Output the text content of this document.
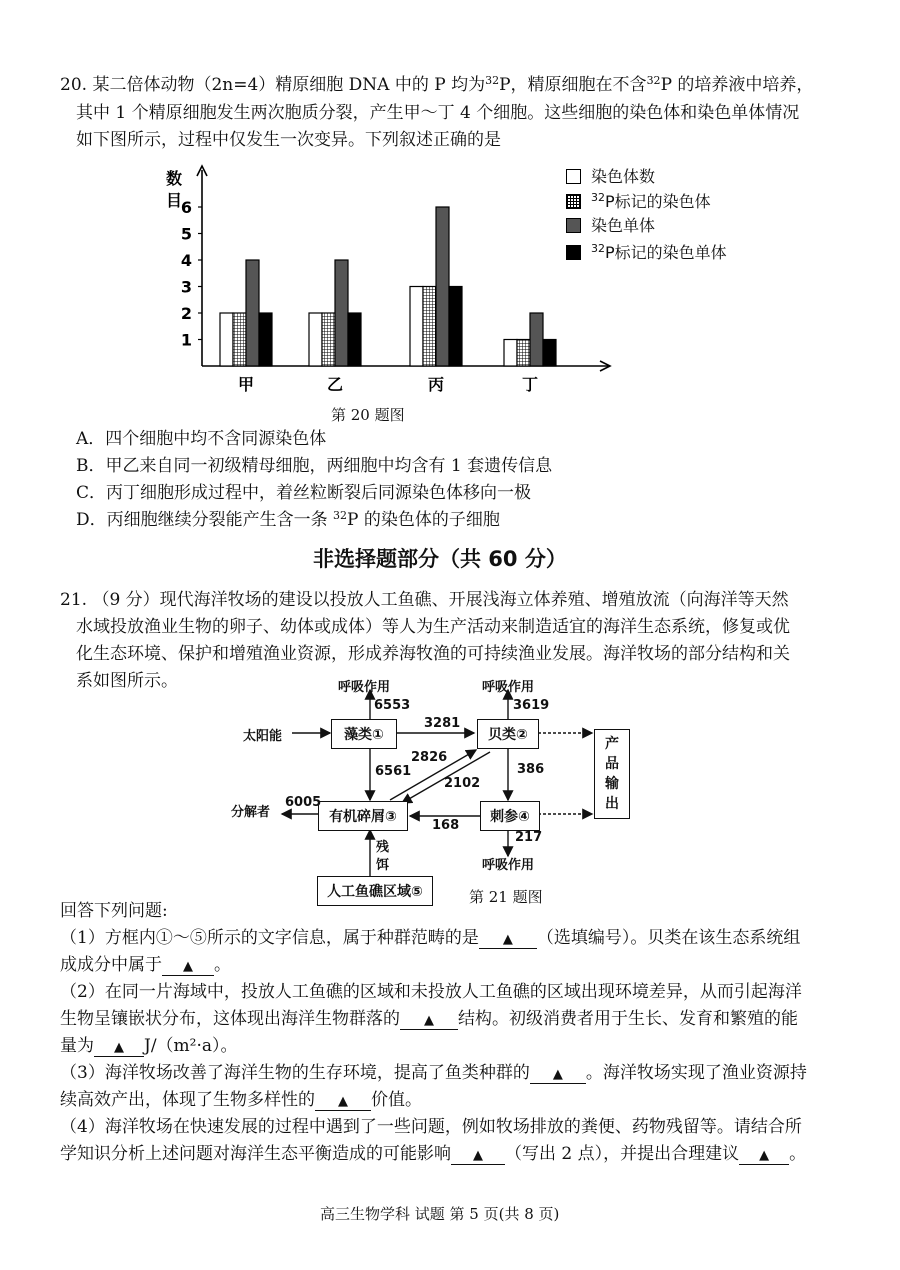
20. 某二倍体动物（2n=4）精原细胞 DNA 中的 P 均为$^{32}$P，精原细胞在不含$^{32}$P 的培养液中培养，
其中 1 个精原细胞发生两次胞质分裂，产生甲～丁 4 个细胞。这些细胞的染色体和染色单体情况
如下图所示，过程中仅发生一次变异。下列叙述正确的是
数
目
1
2
3
4
5
6
甲	乙	丙	丁
染色体数
$^{32}$P标记的染色体
染色单体
$^{32}$P标记的染色单体
第 20 题图
A．四个细胞中均不含同源染色体
B．甲乙来自同一初级精母细胞，两细胞中均含有 1 套遗传信息
C．丙丁细胞形成过程中，着丝粒断裂后同源染色体移向一极
D．丙细胞继续分裂能产生含一条 $^{32}$P 的染色体的子细胞
非选择题部分（共 60 分）
21. （9 分）现代海洋牧场的建设以投放人工鱼礁、开展浅海立体养殖、增殖放流（向海洋等天然
水域投放渔业生物的卵子、幼体或成体）等人为生产活动来制造适宜的海洋生态系统，修复或优
化生态环境、保护和增殖渔业资源，形成养海牧渔的可持续渔业发展。海洋牧场的部分结构和关
系如图所示。
藻类①	贝类②
有机碎屑③	刺参④
人工鱼礁区域⑤
产
品
输
出
太阳能
分解者
呼吸作用	呼吸作用
呼吸作用
6553	3619
3281
2826
6561
2102
386
6005
168
217
残
饵
第 21 题图
回答下列问题:
（1）方框内①～⑤所示的文字信息，属于种群范畴的是 ▲ （选填编号）。贝类在该生态系统组
成成分中属于 ▲ 。
（2）在同一片海域中，投放人工鱼礁的区域和未投放人工鱼礁的区域出现环境差异，从而引起海洋
生物呈镶嵌状分布，这体现出海洋生物群落的 ▲ 结构。初级消费者用于生长、发育和繁殖的能
量为 ▲ J/（m²·a）。
（3）海洋牧场改善了海洋生物的生存环境，提高了鱼类种群的 ▲ 。海洋牧场实现了渔业资源持
续高效产出，体现了生物多样性的 ▲ 价值。
（4）海洋牧场在快速发展的过程中遇到了一些问题，例如牧场排放的粪便、药物残留等。请结合所
学知识分析上述问题对海洋生态平衡造成的可能影响 ▲ （写出 2 点），并提出合理建议 ▲ 。
高三生物学科 试题 第 5 页(共 8 页)
